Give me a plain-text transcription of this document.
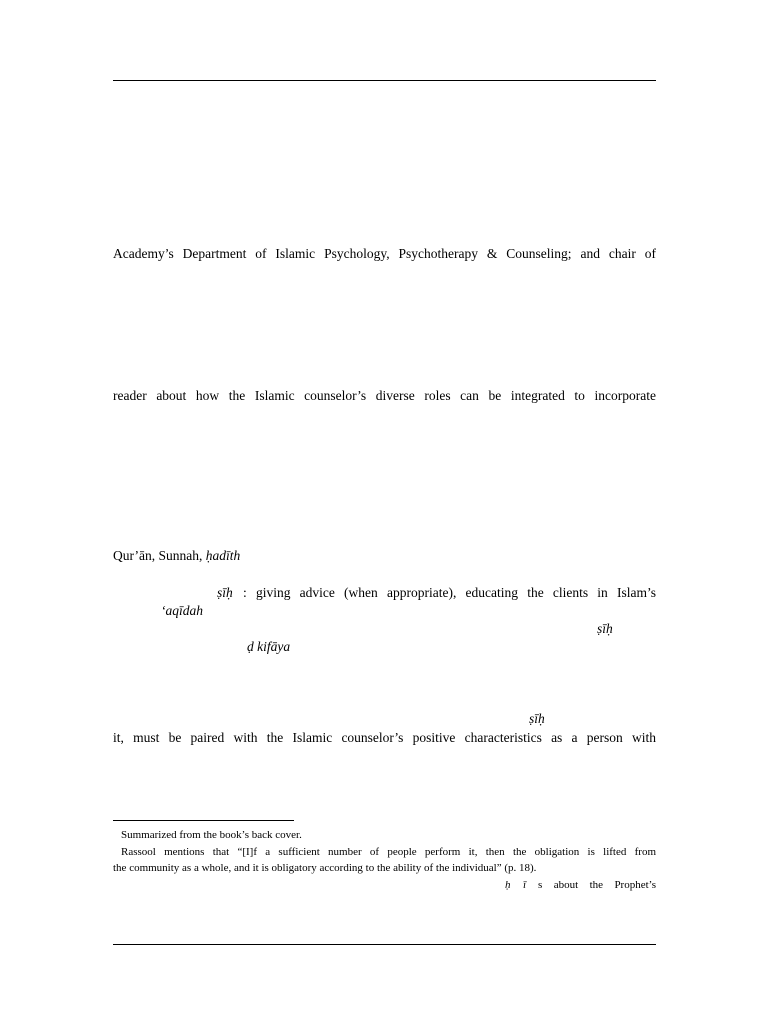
Academy’s Department of Islamic Psychology, Psychotherapy & Counseling; and chair of
reader about how the Islamic counselor’s diverse roles can be integrated to incorporate
Qur’ān, Sunnah, ḥadīth
ṣīḥ : giving advice (when appropriate), educating the clients in Islam’s
‘aqīdah
ṣīḥ
ḍ kifāya
ṣīḥ
it, must be paired with the Islamic counselor’s positive characteristics as a person with
Summarized from the book’s back cover.
Rassool mentions that “[I]f a sufficient number of people perform it, then the obligation is lifted from
the community as a whole, and it is obligatory according to the ability of the individual” (p. 18).
ḥ ī s about the Prophet’s
